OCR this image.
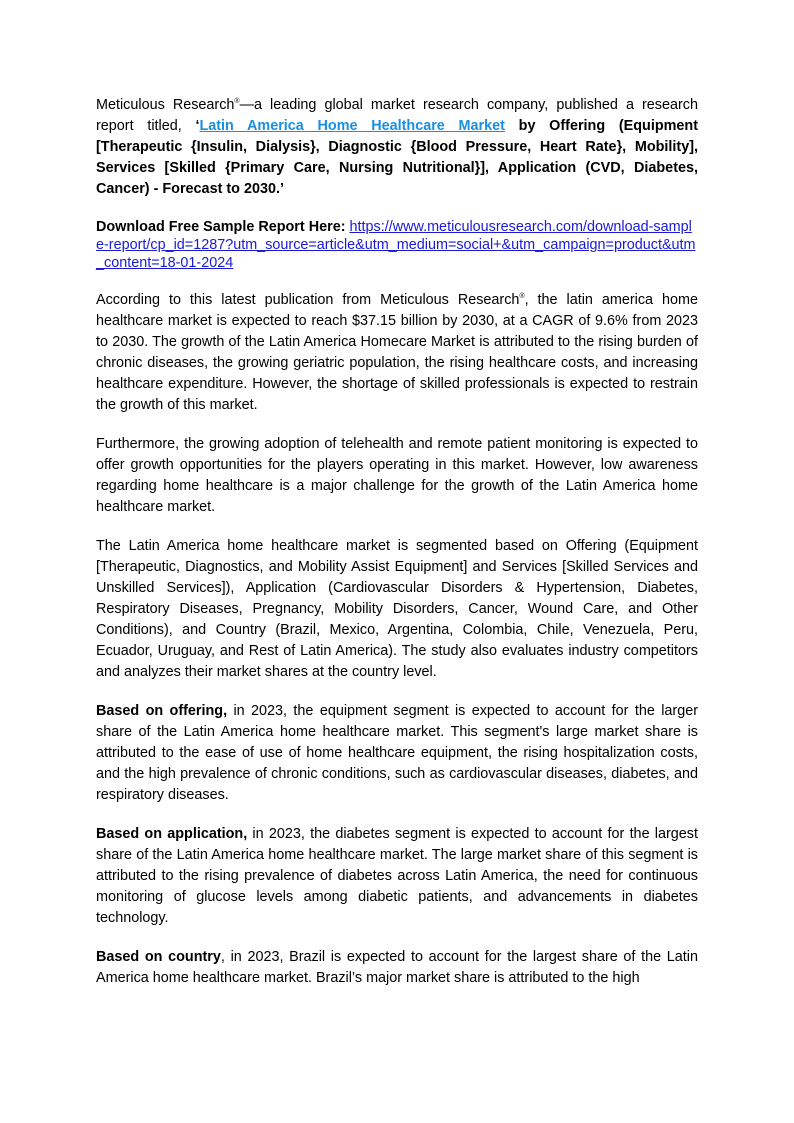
Meticulous Research®—a leading global market research company, published a research report titled, ‘Latin America Home Healthcare Market by Offering (Equipment [Therapeutic {Insulin, Dialysis}, Diagnostic {Blood Pressure, Heart Rate}, Mobility], Services [Skilled {Primary Care, Nursing Nutritional}], Application (CVD, Diabetes, Cancer) - Forecast to 2030.’

Download Free Sample Report Here: https://www.meticulousresearch.com/download-sample-report/cp_id=1287?utm_source=article&utm_medium=social+&utm_campaign=product&utm_content=18-01-2024

According to this latest publication from Meticulous Research®, the latin america home healthcare market is expected to reach $37.15 billion by 2030, at a CAGR of 9.6% from 2023 to 2030. The growth of the Latin America Homecare Market is attributed to the rising burden of chronic diseases, the growing geriatric population, the rising healthcare costs, and increasing healthcare expenditure. However, the shortage of skilled professionals is expected to restrain the growth of this market.

Furthermore, the growing adoption of telehealth and remote patient monitoring is expected to offer growth opportunities for the players operating in this market. However, low awareness regarding home healthcare is a major challenge for the growth of the Latin America home healthcare market.

The Latin America home healthcare market is segmented based on Offering (Equipment [Therapeutic, Diagnostics, and Mobility Assist Equipment] and Services [Skilled Services and Unskilled Services]), Application (Cardiovascular Disorders & Hypertension, Diabetes, Respiratory Diseases, Pregnancy, Mobility Disorders, Cancer, Wound Care, and Other Conditions), and Country (Brazil, Mexico, Argentina, Colombia, Chile, Venezuela, Peru, Ecuador, Uruguay, and Rest of Latin America). The study also evaluates industry competitors and analyzes their market shares at the country level.

Based on offering, in 2023, the equipment segment is expected to account for the larger share of the Latin America home healthcare market. This segment's large market share is attributed to the ease of use of home healthcare equipment, the rising hospitalization costs, and the high prevalence of chronic conditions, such as cardiovascular diseases, diabetes, and respiratory diseases.

Based on application, in 2023, the diabetes segment is expected to account for the largest share of the Latin America home healthcare market. The large market share of this segment is attributed to the rising prevalence of diabetes across Latin America, the need for continuous monitoring of glucose levels among diabetic patients, and advancements in diabetes technology.

Based on country, in 2023, Brazil is expected to account for the largest share of the Latin America home healthcare market. Brazil’s major market share is attributed to the high
